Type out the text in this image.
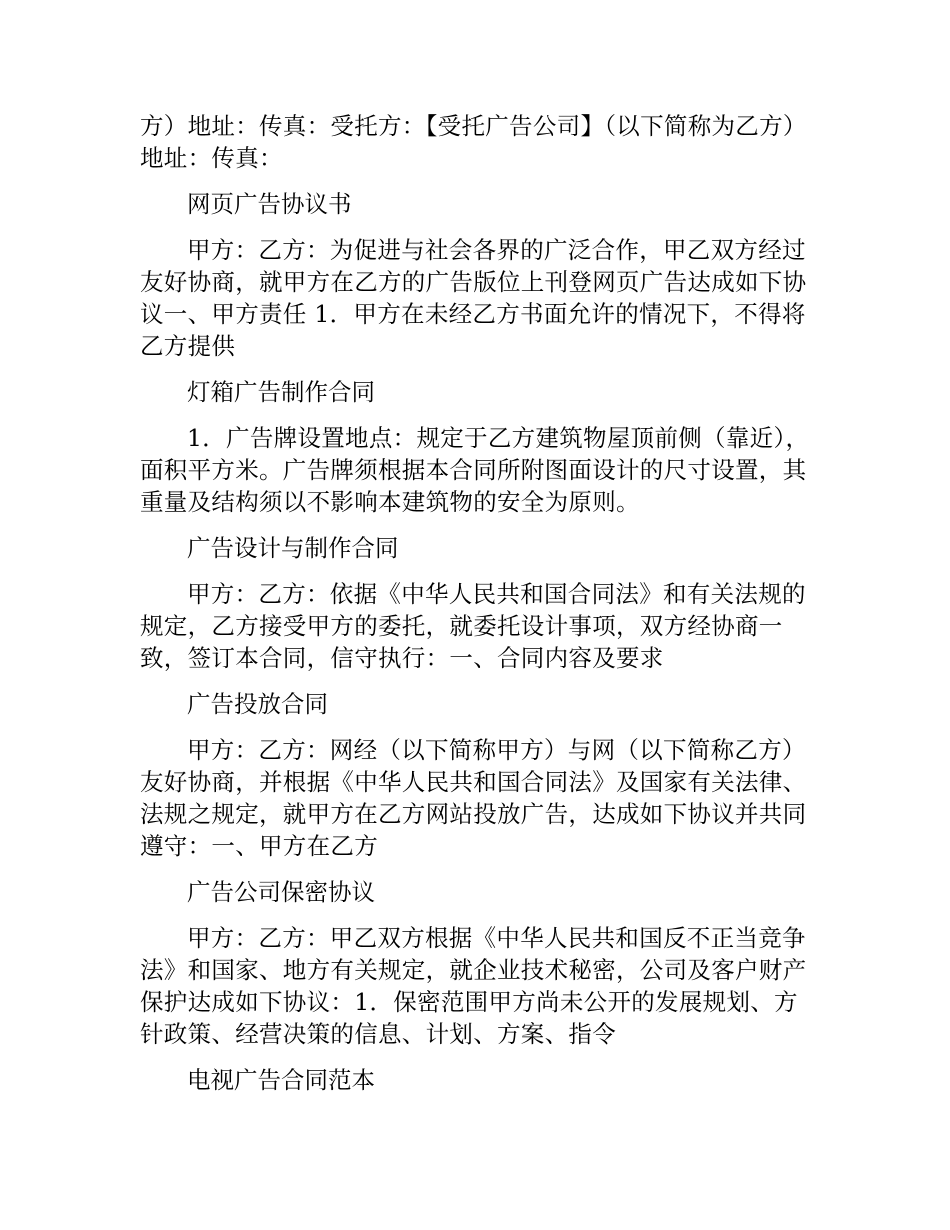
方）地址：传真：受托方：【受托广告公司】（以下简称为乙方）地址：传真：

网页广告协议书

甲方：乙方：为促进与社会各界的广泛合作，甲乙双方经过友好协商，就甲方在乙方的广告版位上刊登网页广告达成如下协议一、甲方责任 1．甲方在未经乙方书面允许的情况下，不得将乙方提供

灯箱广告制作合同

1．广告牌设置地点：规定于乙方建筑物屋顶前侧（靠近），面积平方米。广告牌须根据本合同所附图面设计的尺寸设置，其重量及结构须以不影响本建筑物的安全为原则。

广告设计与制作合同

甲方：乙方：依据《中华人民共和国合同法》和有关法规的规定，乙方接受甲方的委托，就委托设计事项，双方经协商一致，签订本合同，信守执行：一、合同内容及要求

广告投放合同

甲方：乙方：网经（以下简称甲方）与网（以下简称乙方）友好协商，并根据《中华人民共和国合同法》及国家有关法律、法规之规定，就甲方在乙方网站投放广告，达成如下协议并共同遵守：一、甲方在乙方

广告公司保密协议

甲方：乙方：甲乙双方根据《中华人民共和国反不正当竞争法》和国家、地方有关规定，就企业技术秘密，公司及客户财产保护达成如下协议：1．保密范围甲方尚未公开的发展规划、方针政策、经营决策的信息、计划、方案、指令

电视广告合同范本
